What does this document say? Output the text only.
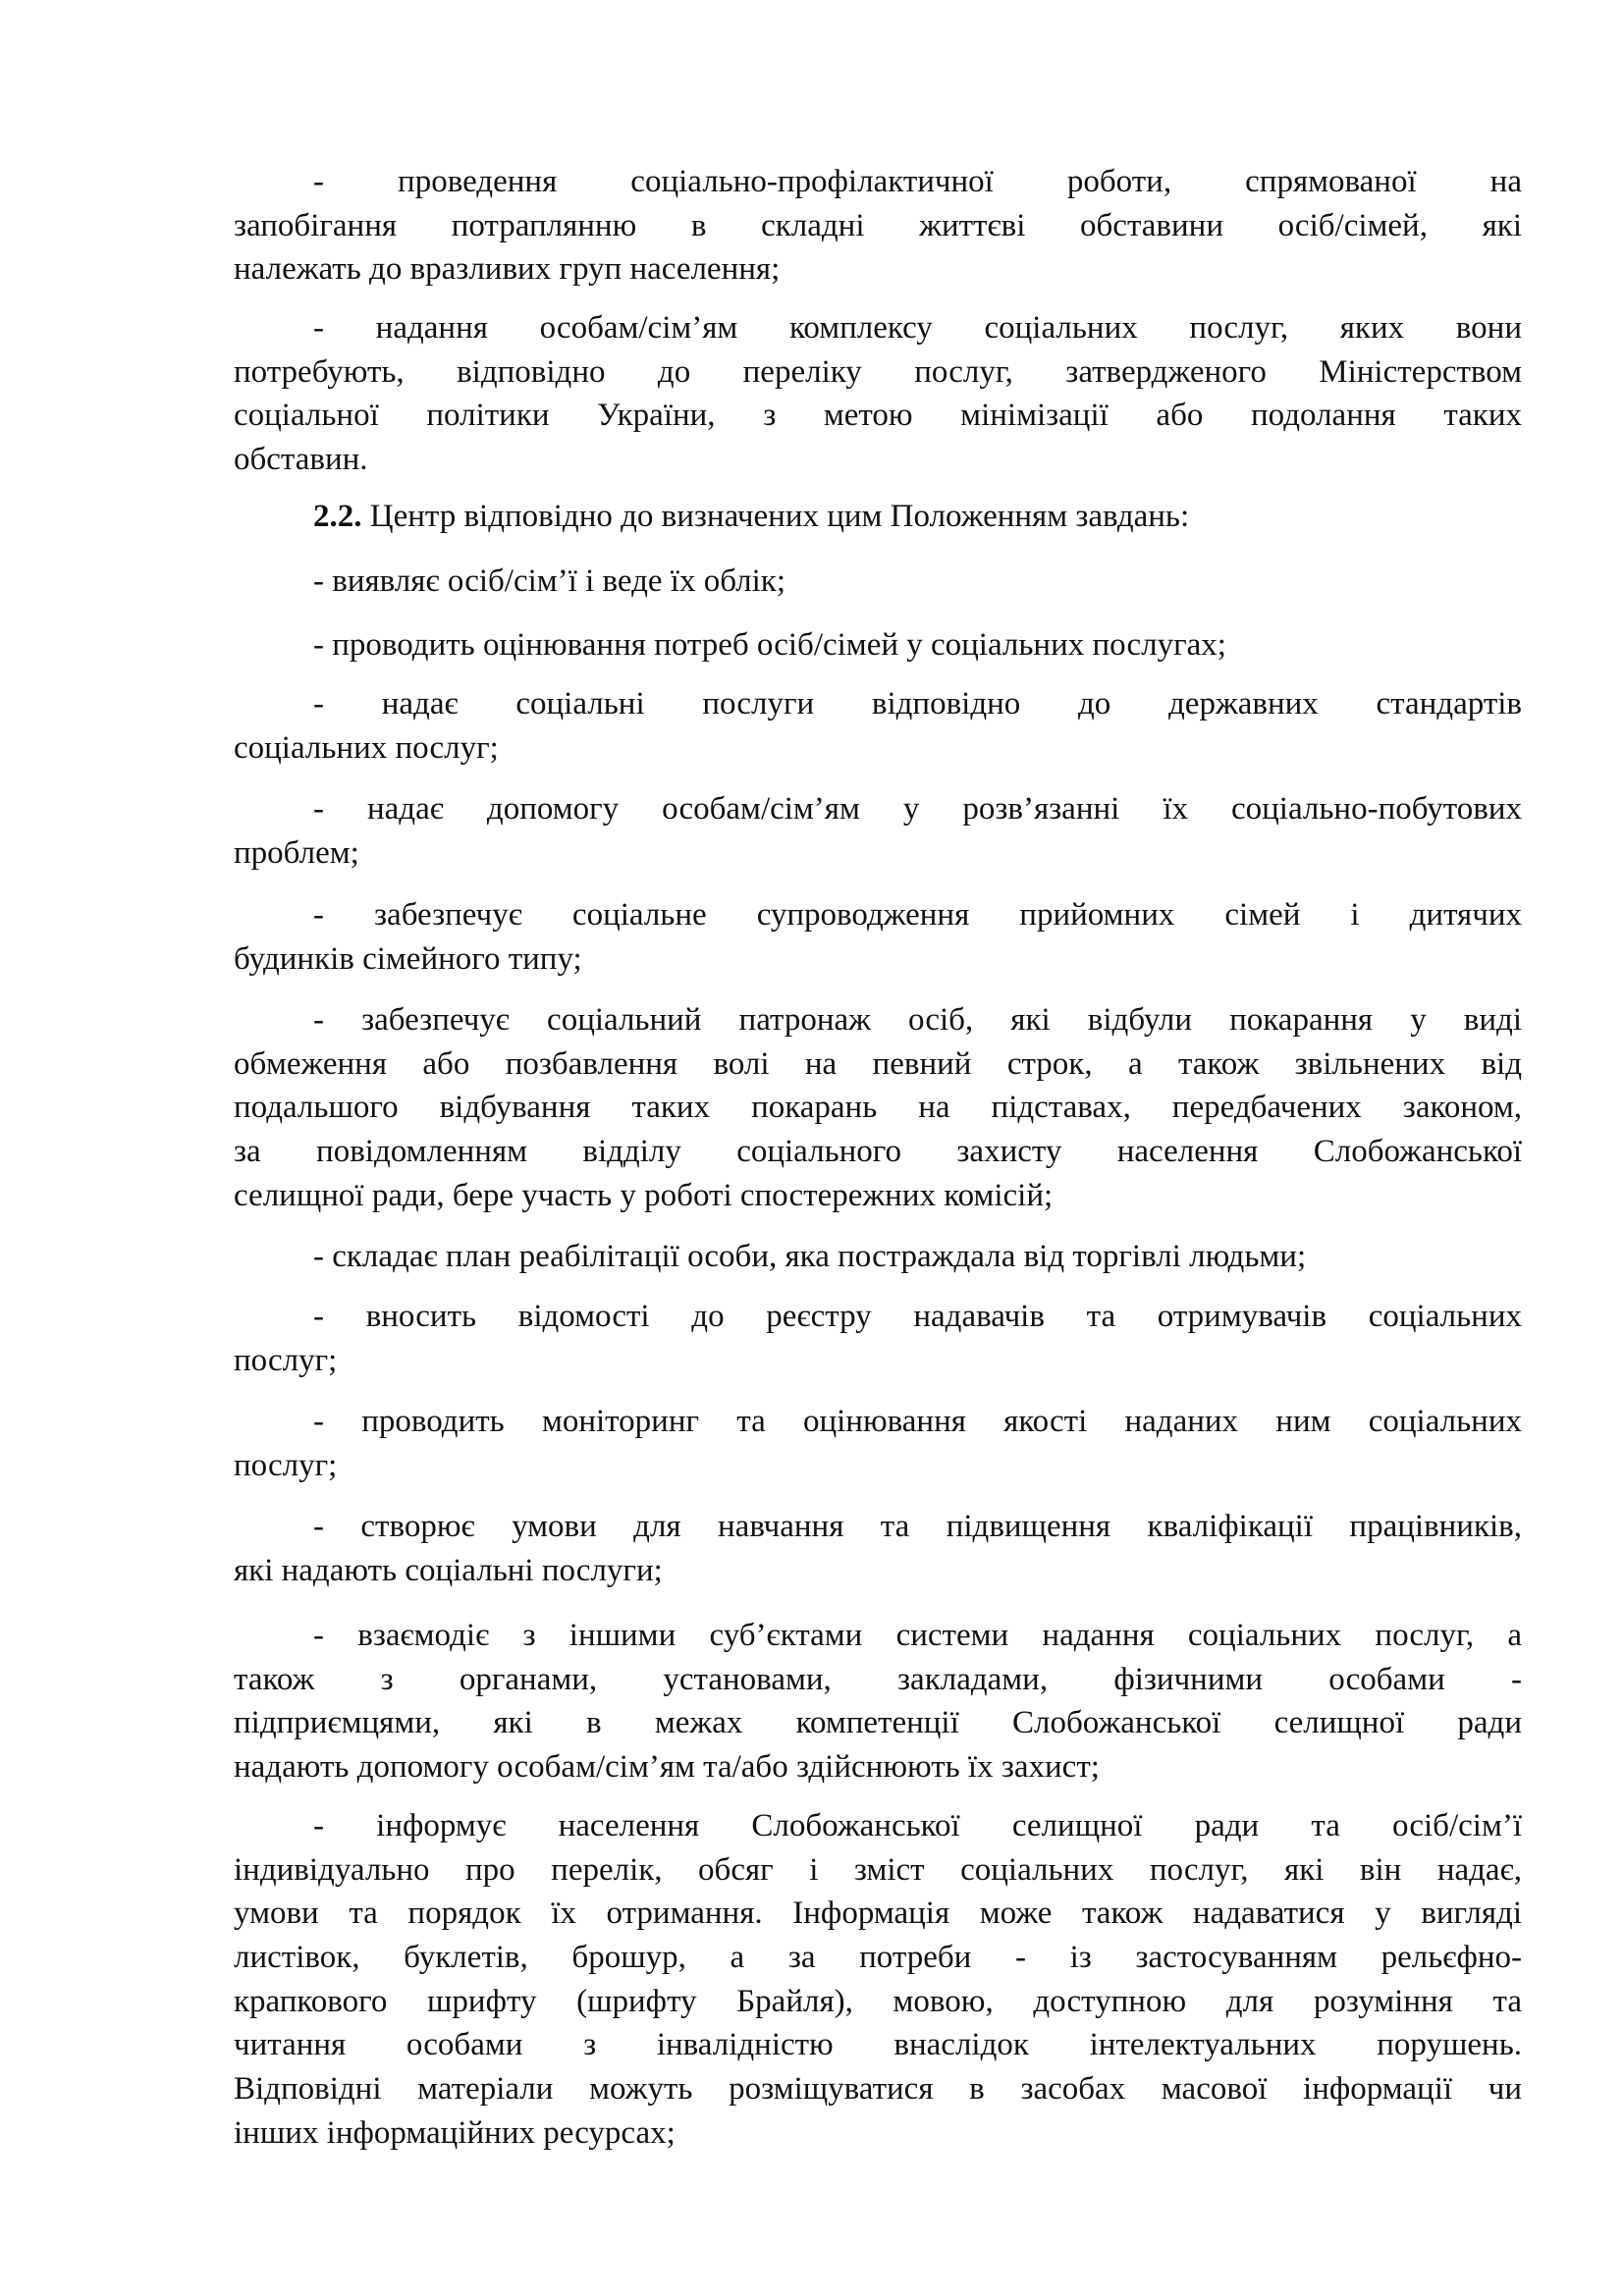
- проведення соціально-профілактичної роботи, спрямованої на
запобігання потраплянню в складні життєві обставини осіб/сімей, які
належать до вразливих груп населення;
- надання особам/сім’ям комплексу соціальних послуг, яких вони
потребують, відповідно до переліку послуг, затвердженого Міністерством
соціальної політики України, з метою мінімізації або подолання таких
обставин.
2.2. Центр відповідно до визначених цим Положенням завдань:
- виявляє осіб/сім’ї і веде їх облік;
- проводить оцінювання потреб осіб/сімей у соціальних послугах;
- надає соціальні послуги відповідно до державних стандартів
соціальних послуг;
- надає допомогу особам/сім’ям у розв’язанні їх соціально-побутових
проблем;
- забезпечує соціальне супроводження прийомних сімей і дитячих
будинків сімейного типу;
- забезпечує соціальний патронаж осіб, які відбули покарання у виді
обмеження або позбавлення волі на певний строк, а також звільнених від
подальшого відбування таких покарань на підставах, передбачених законом,
за повідомленням відділу соціального захисту населення Слобожанської
селищної ради, бере участь у роботі спостережних комісій;
- складає план реабілітації особи, яка постраждала від торгівлі людьми;
- вносить відомості до реєстру надавачів та отримувачів соціальних
послуг;
- проводить моніторинг та оцінювання якості наданих ним соціальних
послуг;
- створює умови для навчання та підвищення кваліфікації працівників,
які надають соціальні послуги;
- взаємодіє з іншими суб’єктами системи надання соціальних послуг, а
також з органами, установами, закладами, фізичними особами -
підприємцями, які в межах компетенції Слобожанської селищної ради
надають допомогу особам/сім’ям та/або здійснюють їх захист;
- інформує населення Слобожанської селищної ради та осіб/сім’ї
індивідуально про перелік, обсяг і зміст соціальних послуг, які він надає,
умови та порядок їх отримання. Інформація може також надаватися у вигляді
листівок, буклетів, брошур, а за потреби - із застосуванням рельєфно-
крапкового шрифту (шрифту Брайля), мовою, доступною для розуміння та
читання особами з інвалідністю внаслідок інтелектуальних порушень.
Відповідні матеріали можуть розміщуватися в засобах масової інформації чи
інших інформаційних ресурсах;
